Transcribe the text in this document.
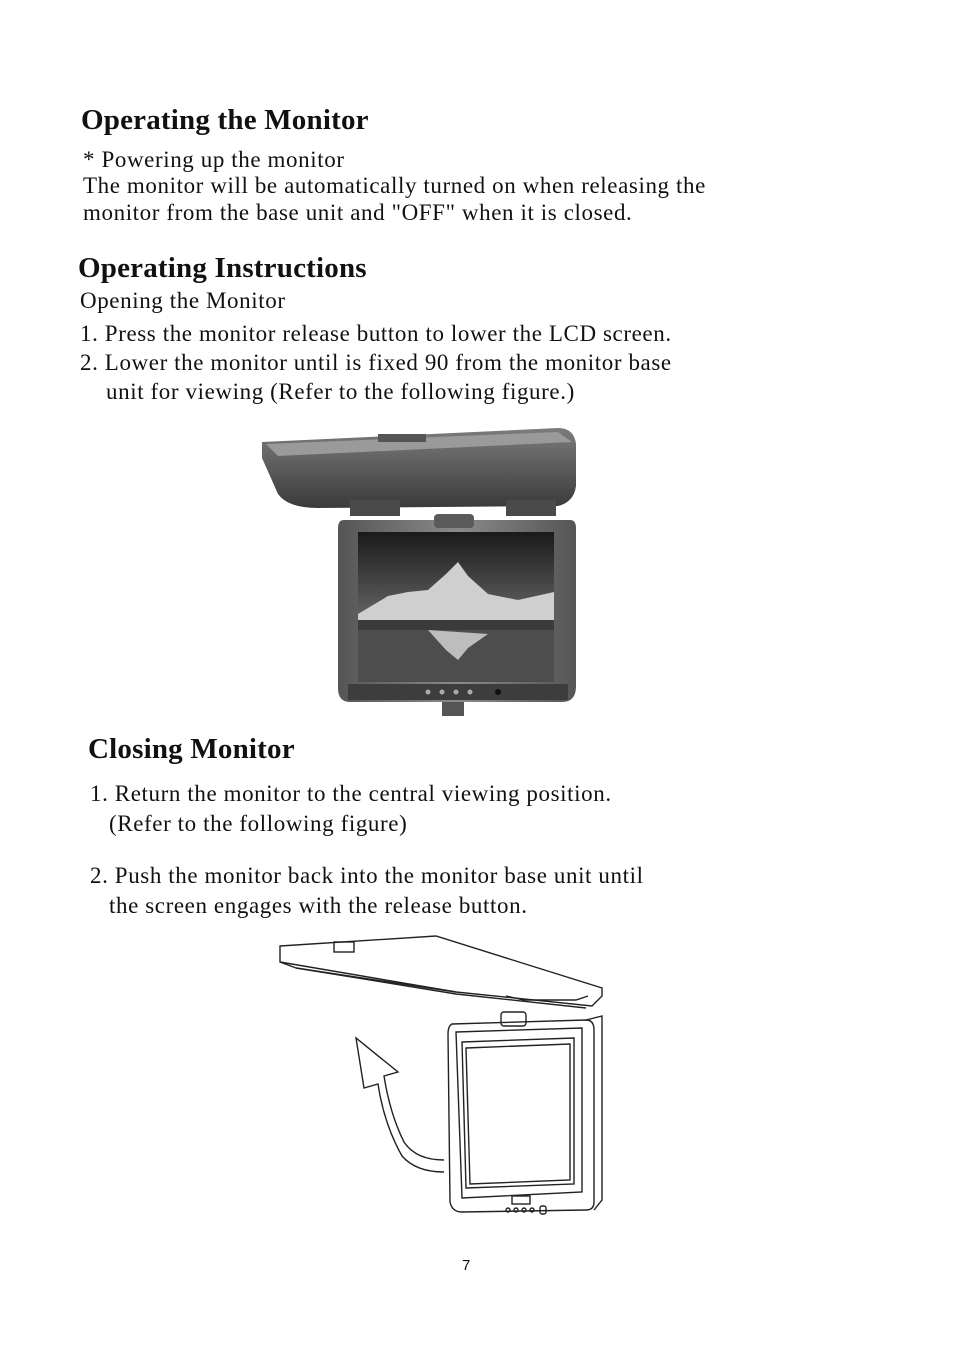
Operating the Monitor
* Powering up the monitor
The monitor will be automatically turned on when releasing the
monitor from the base unit and "OFF" when it is closed.
Operating Instructions
Opening the Monitor
1. Press the monitor release button to lower the LCD screen.
2. Lower the monitor until is fixed 90 from the monitor base
unit for viewing (Refer to the following figure.)
Closing Monitor
1. Return the monitor to the central viewing position.
(Refer to the following figure)
2. Push the monitor back into the monitor base unit until
the screen engages with the release button.
7
